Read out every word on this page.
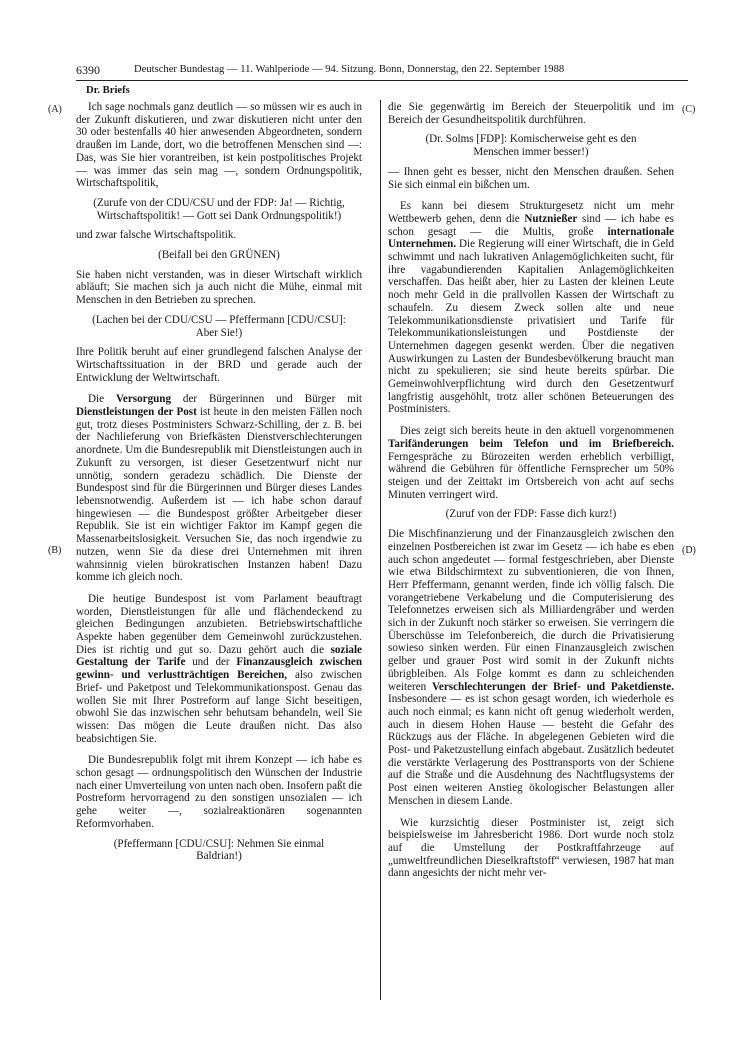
6390	Deutscher Bundestag — 11. Wahlperiode — 94. Sitzung. Bonn, Donnerstag, den 22. September 1988
Dr. Briefs
(A)
(B)
(C)
(D)

Ich sage nochmals ganz deutlich — so müssen wir es auch in der Zukunft diskutieren, und zwar diskutieren nicht unter den 30 oder bestenfalls 40 hier anwesenden Abgeordneten, sondern draußen im Lande, dort, wo die betroffenen Menschen sind —: Das, was Sie hier vorantreiben, ist kein postpolitisches Projekt — was immer das sein mag —, sondern Ordnungspolitik, Wirtschaftspolitik,

(Zurufe von der CDU/CSU und der FDP: Ja! — Richtig, Wirtschaftspolitik! — Gott sei Dank Ordnungspolitik!)

und zwar falsche Wirtschaftspolitik.

(Beifall bei den GRÜNEN)

Sie haben nicht verstanden, was in dieser Wirtschaft wirklich abläuft; Sie machen sich ja auch nicht die Mühe, einmal mit Menschen in den Betrieben zu sprechen.

(Lachen bei der CDU/CSU — Pfeffermann [CDU/CSU]: Aber Sie!)

Ihre Politik beruht auf einer grundlegend falschen Analyse der Wirtschaftssituation in der BRD und gerade auch der Entwicklung der Weltwirtschaft.

Die Versorgung der Bürgerinnen und Bürger mit Dienstleistungen der Post ist heute in den meisten Fällen noch gut, trotz dieses Postministers Schwarz-Schilling, der z. B. bei der Nachlieferung von Briefkästen Dienstverschlechterungen anordnete. Um die Bundesrepublik mit Dienstleistungen auch in Zukunft zu versorgen, ist dieser Gesetzentwurf nicht nur unnötig, sondern geradezu schädlich. Die Dienste der Bundespost sind für die Bürgerinnen und Bürger dieses Landes lebensnotwendig. Außerdem ist — ich habe schon darauf hingewiesen — die Bundespost größter Arbeitgeber dieser Republik. Sie ist ein wichtiger Faktor im Kampf gegen die Massenarbeitslosigkeit. Versuchen Sie, das noch irgendwie zu nutzen, wenn Sie da diese drei Unternehmen mit ihren wahnsinnig vielen bürokratischen Instanzen haben! Dazu komme ich gleich noch.

Die heutige Bundespost ist vom Parlament beauftragt worden, Dienstleistungen für alle und flächendeckend zu gleichen Bedingungen anzubieten. Betriebswirtschaftliche Aspekte haben gegenüber dem Gemeinwohl zurückzustehen. Dies ist richtig und gut so. Dazu gehört auch die soziale Gestaltung der Tarife und der Finanzausgleich zwischen gewinn- und verlustträchtigen Bereichen, also zwischen Brief- und Paketpost und Telekommunikationspost. Genau das wollen Sie mit Ihrer Postreform auf lange Sicht beseitigen, obwohl Sie das inzwischen sehr behutsam behandeln, weil Sie wissen: Das mögen die Leute draußen nicht. Das also beabsichtigen Sie.

Die Bundesrepublik folgt mit ihrem Konzept — ich habe es schon gesagt — ordnungspolitisch den Wünschen der Industrie nach einer Umverteilung von unten nach oben. Insofern paßt die Postreform hervorragend zu den sonstigen unsozialen — ich gehe weiter —, sozialreaktionären sogenannten Reformvorhaben.

(Pfeffermann [CDU/CSU]: Nehmen Sie einmal Baldrian!)

die Sie gegenwärtig im Bereich der Steuerpolitik und im Bereich der Gesundheitspolitik durchführen.

(Dr. Solms [FDP]: Komischerweise geht es den Menschen immer besser!)

— Ihnen geht es besser, nicht den Menschen draußen. Sehen Sie sich einmal ein bißchen um.

Es kann bei diesem Strukturgesetz nicht um mehr Wettbewerb gehen, denn die Nutznießer sind — ich habe es schon gesagt — die Multis, große internationale Unternehmen. Die Regierung will einer Wirtschaft, die in Geld schwimmt und nach lukrativen Anlagemöglichkeiten sucht, für ihre vagabundierenden Kapitalien Anlagemöglichkeiten verschaffen. Das heißt aber, hier zu Lasten der kleinen Leute noch mehr Geld in die prallvollen Kassen der Wirtschaft zu schaufeln. Zu diesem Zweck sollen alte und neue Telekommunikationsdienste privatisiert und Tarife für Telekommunikationsleistungen und Postdienste der Unternehmen dagegen gesenkt werden. Über die negativen Auswirkungen zu Lasten der Bundesbevölkerung braucht man nicht zu spekulieren; sie sind heute bereits spürbar. Die Gemeinwohlverpflichtung wird durch den Gesetzentwurf langfristig ausgehöhlt, trotz aller schönen Beteuerungen des Postministers.

Dies zeigt sich bereits heute in den aktuell vorgenommenen Tarifänderungen beim Telefon und im Briefbereich. Ferngespräche zu Bürozeiten werden erheblich verbilligt, während die Gebühren für öffentliche Fernsprecher um 50% steigen und der Zeittakt im Ortsbereich von acht auf sechs Minuten verringert wird.

(Zuruf von der FDP: Fasse dich kurz!)

Die Mischfinanzierung und der Finanzausgleich zwischen den einzelnen Postbereichen ist zwar im Gesetz — ich habe es eben auch schon angedeutet — formal festgeschrieben, aber Dienste wie etwa Bildschirmtext zu subventionieren, die von Ihnen, Herr Pfeffermann, genannt werden, finde ich völlig falsch. Die vorangetriebene Verkabelung und die Computerisierung des Telefonnetzes erweisen sich als Milliardengräber und werden sich in der Zukunft noch stärker so erweisen. Sie verringern die Überschüsse im Telefonbereich, die durch die Privatisierung sowieso sinken werden. Für einen Finanzausgleich zwischen gelber und grauer Post wird somit in der Zukunft nichts übrigbleiben. Als Folge kommt es dann zu schleichenden weiteren Verschlechterungen der Brief- und Paketdienste. Insbesondere — es ist schon gesagt worden, ich wiederhole es auch noch einmal; es kann nicht oft genug wiederholt werden, auch in diesem Hohen Hause — besteht die Gefahr des Rückzugs aus der Fläche. In abgelegenen Gebieten wird die Post- und Paketzustellung einfach abgebaut. Zusätzlich bedeutet die verstärkte Verlagerung des Posttransports von der Schiene auf die Straße und die Ausdehnung des Nachtflugsystems der Post einen weiteren Anstieg ökologischer Belastungen aller Menschen in diesem Lande.

Wie kurzsichtig dieser Postminister ist, zeigt sich beispielsweise im Jahresbericht 1986. Dort wurde noch stolz auf die Umstellung der Postkraftfahrzeuge auf „umweltfreundlichen Dieselkraftstoff“ verwiesen, 1987 hat man dann angesichts der nicht mehr ver-
